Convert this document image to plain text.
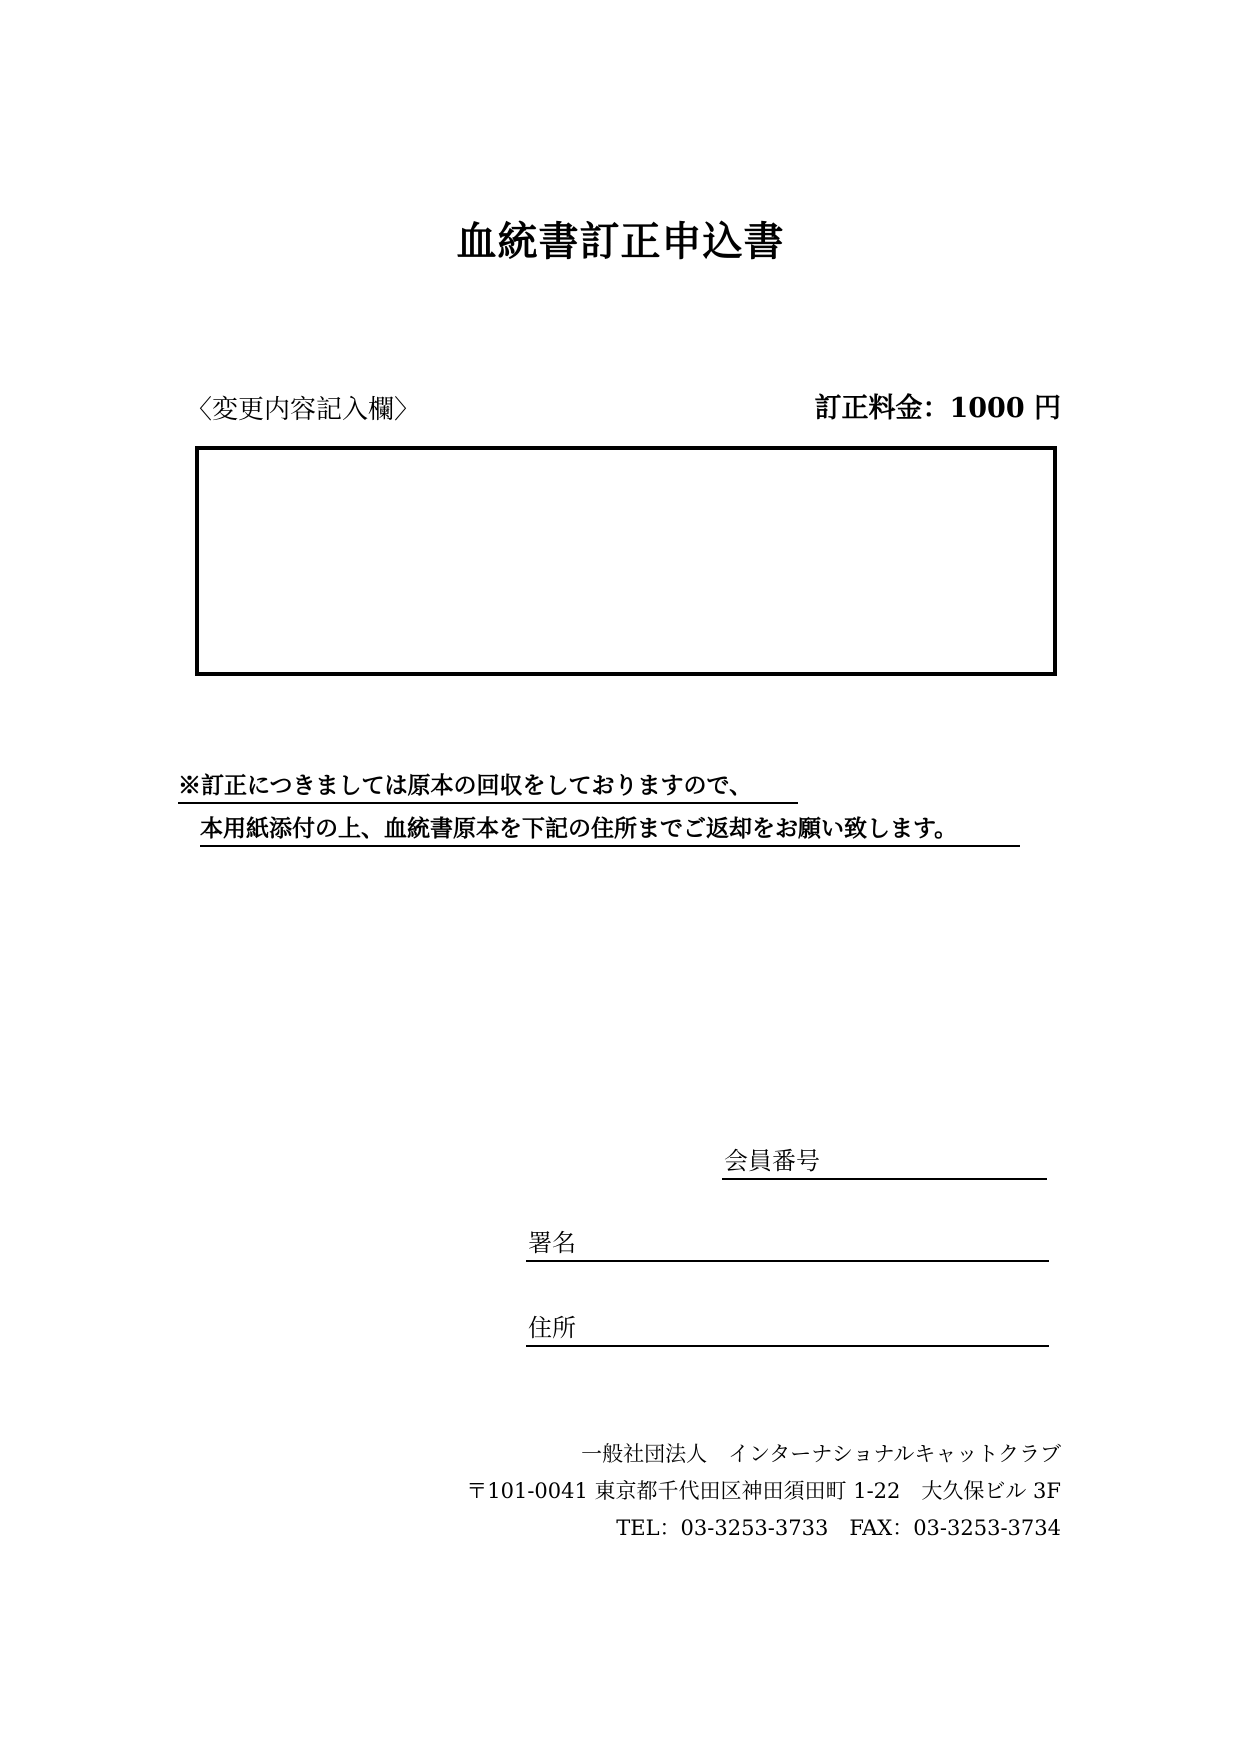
血統書訂正申込書
〈変更内容記入欄〉	訂正料金：1000 円
※訂正につきましては原本の回収をしておりますので、
本用紙添付の上、血統書原本を下記の住所までご返却をお願い致します。
会員番号
署名
住所
一般社団法人　インターナショナルキャットクラブ
〒101-0041 東京都千代田区神田須田町 1-22　大久保ビル 3F
TEL：03-3253-3733　FAX：03-3253-3734
